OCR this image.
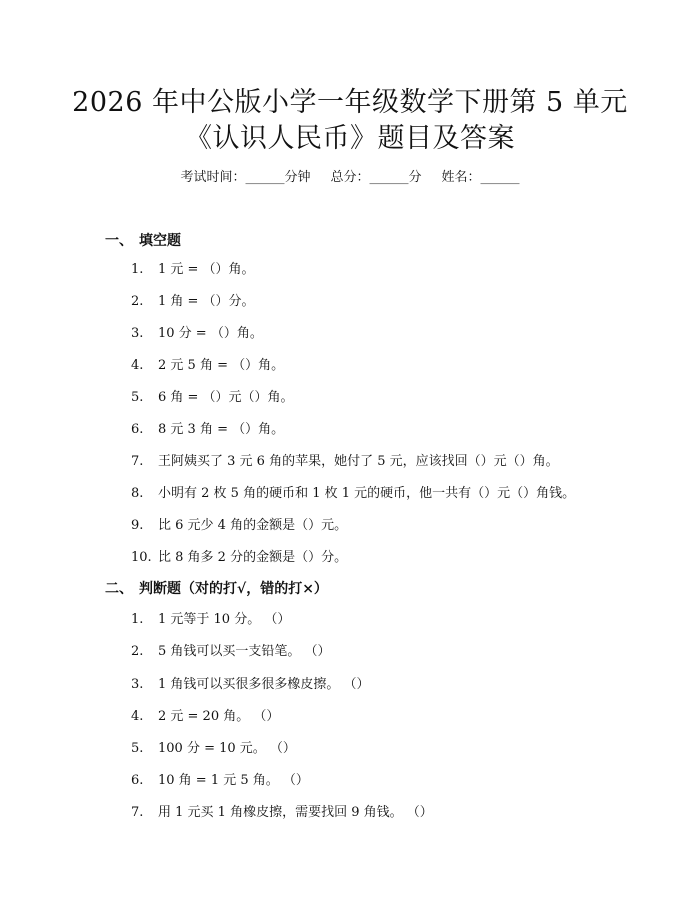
2026 年中公版小学一年级数学下册第 5 单元
《认识人民币》题目及答案
考试时间：______分钟 总分：______分 姓名：______
一、 填空题
1. 1 元 = （）角。
2. 1 角 = （）分。
3. 10 分 = （）角。
4. 2 元 5 角 = （）角。
5. 6 角 = （）元（）角。
6. 8 元 3 角 = （）角。
7. 王阿姨买了 3 元 6 角的苹果，她付了 5 元，应该找回（）元（）角。
8. 小明有 2 枚 5 角的硬币和 1 枚 1 元的硬币，他一共有（）元（）角钱。
9. 比 6 元少 4 角的金额是（）元。
10. 比 8 角多 2 分的金额是（）分。
二、 判断题（对的打√，错的打×）
1. 1 元等于 10 分。 （）
2. 5 角钱可以买一支铅笔。 （）
3. 1 角钱可以买很多很多橡皮擦。 （）
4. 2 元 = 20 角。 （）
5. 100 分 = 10 元。 （）
6. 10 角 = 1 元 5 角。 （）
7. 用 1 元买 1 角橡皮擦，需要找回 9 角钱。 （）
